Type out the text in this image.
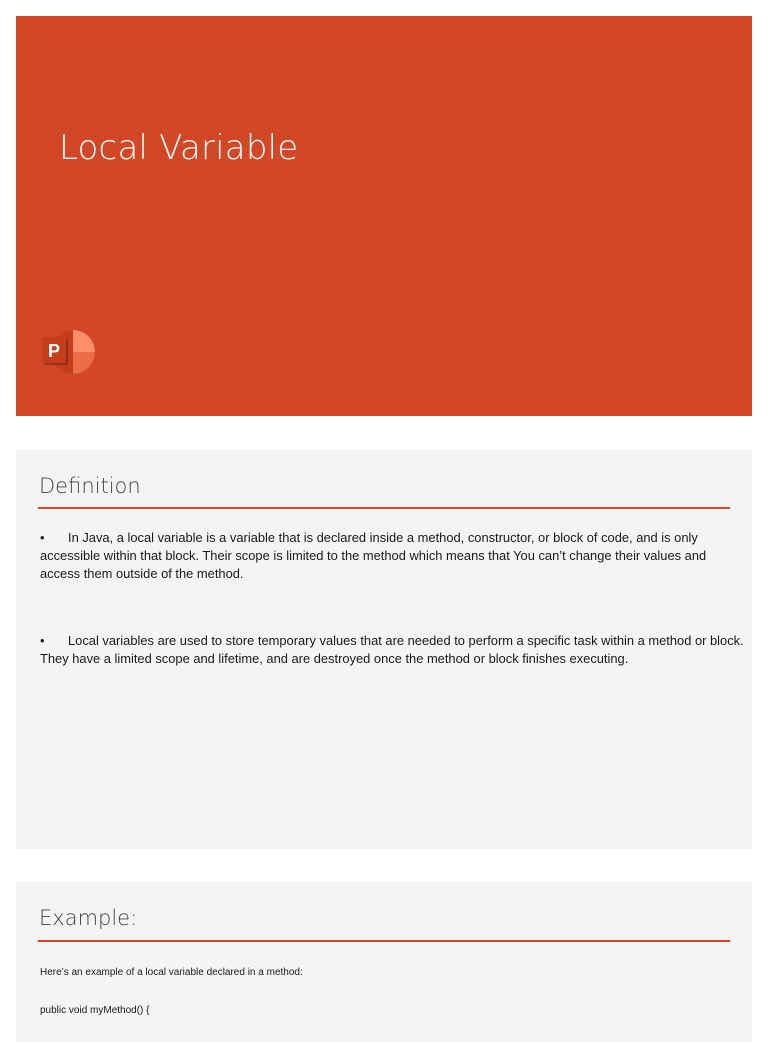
Local Variable
P
Definition
• In Java, a local variable is a variable that is declared inside a method, constructor, or block of code, and is only accessible within that block. Their scope is limited to the method which means that You can’t change their values and access them outside of the method.
• Local variables are used to store temporary values that are needed to perform a specific task within a method or block. They have a limited scope and lifetime, and are destroyed once the method or block finishes executing.
Example:
Here’s an example of a local variable declared in a method:
public void myMethod() {
